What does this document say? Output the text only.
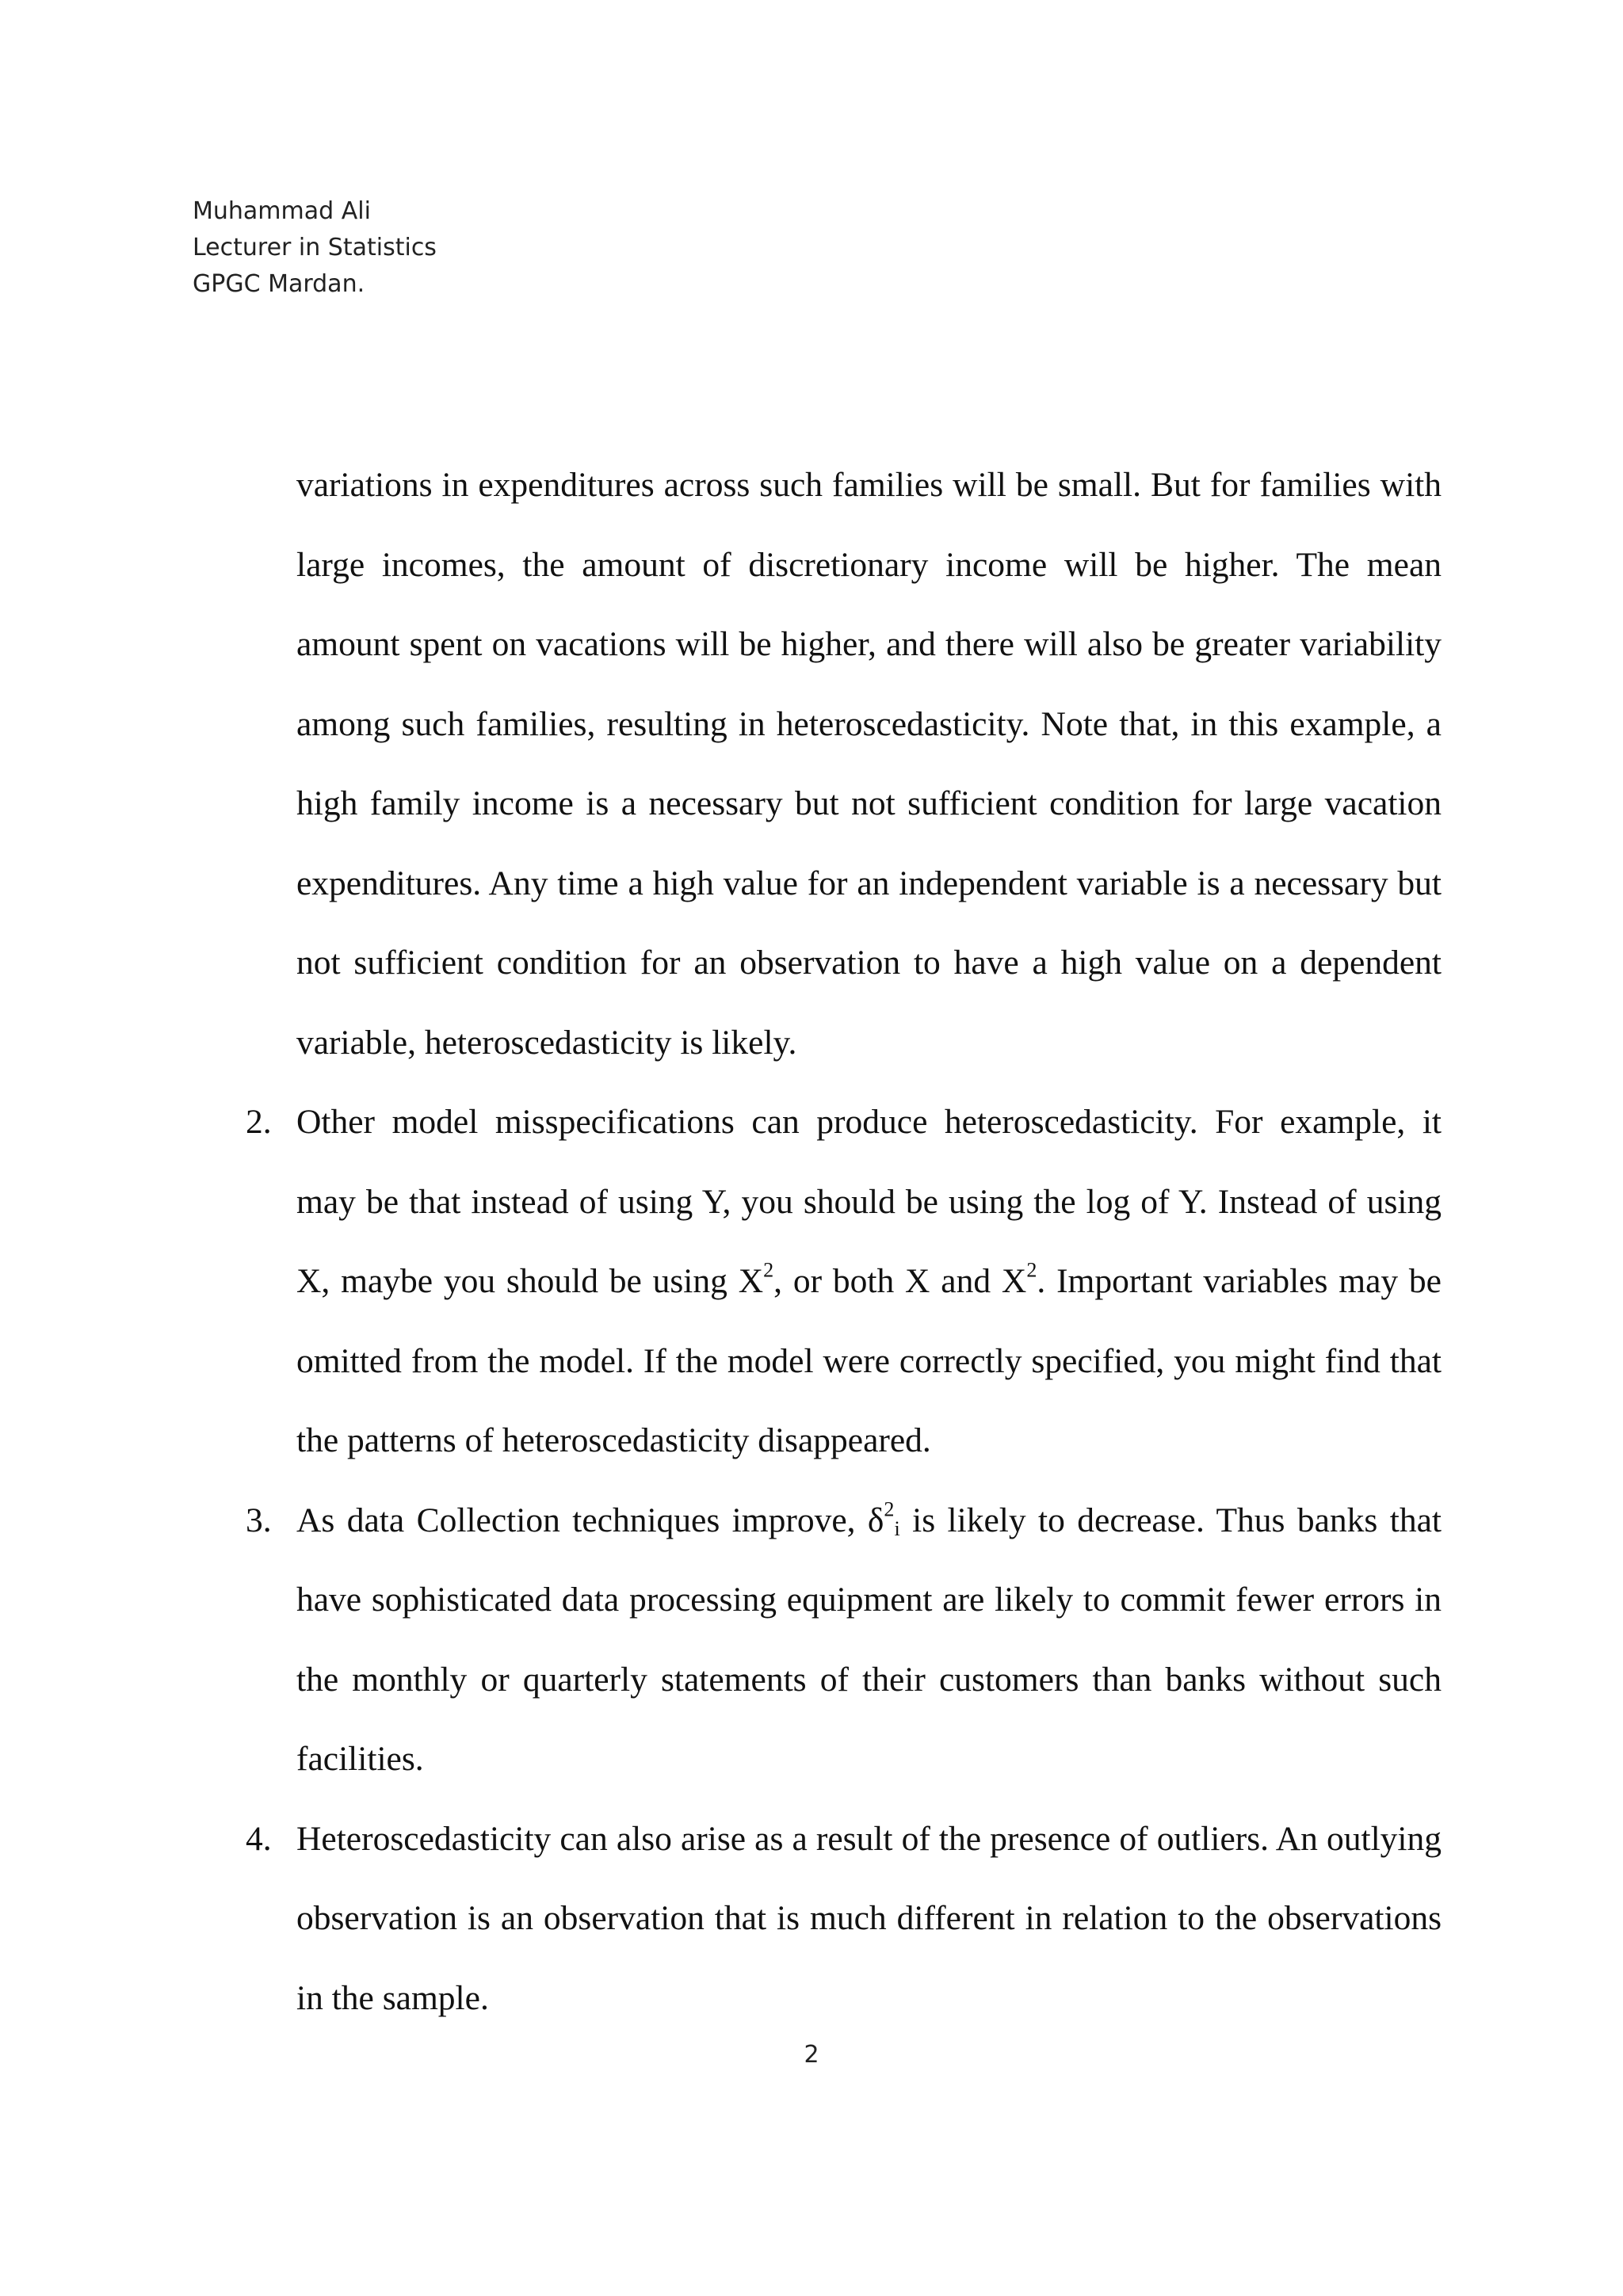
Muhammad Ali
Lecturer in Statistics
GPGC Mardan.

variations in expenditures across such families will be small. But for families with large incomes, the amount of discretionary income will be higher. The mean amount spent on vacations will be higher, and there will also be greater variability among such families, resulting in heteroscedasticity. Note that, in this example, a high family income is a necessary but not sufficient condition for large vacation expenditures. Any time a high value for an independent variable is a necessary but not sufficient condition for an observation to have a high value on a dependent variable, heteroscedasticity is likely.

2. Other model misspecifications can produce heteroscedasticity. For example, it may be that instead of using Y, you should be using the log of Y. Instead of using X, maybe you should be using $X^2$, or both X and $X^2$. Important variables may be omitted from the model. If the model were correctly specified, you might find that the patterns of heteroscedasticity disappeared.

3. As data Collection techniques improve, $\delta^2_i$ is likely to decrease. Thus banks that have sophisticated data processing equipment are likely to commit fewer errors in the monthly or quarterly statements of their customers than banks without such facilities.

4. Heteroscedasticity can also arise as a result of the presence of outliers. An outlying observation is an observation that is much different in relation to the observations in the sample.

2
